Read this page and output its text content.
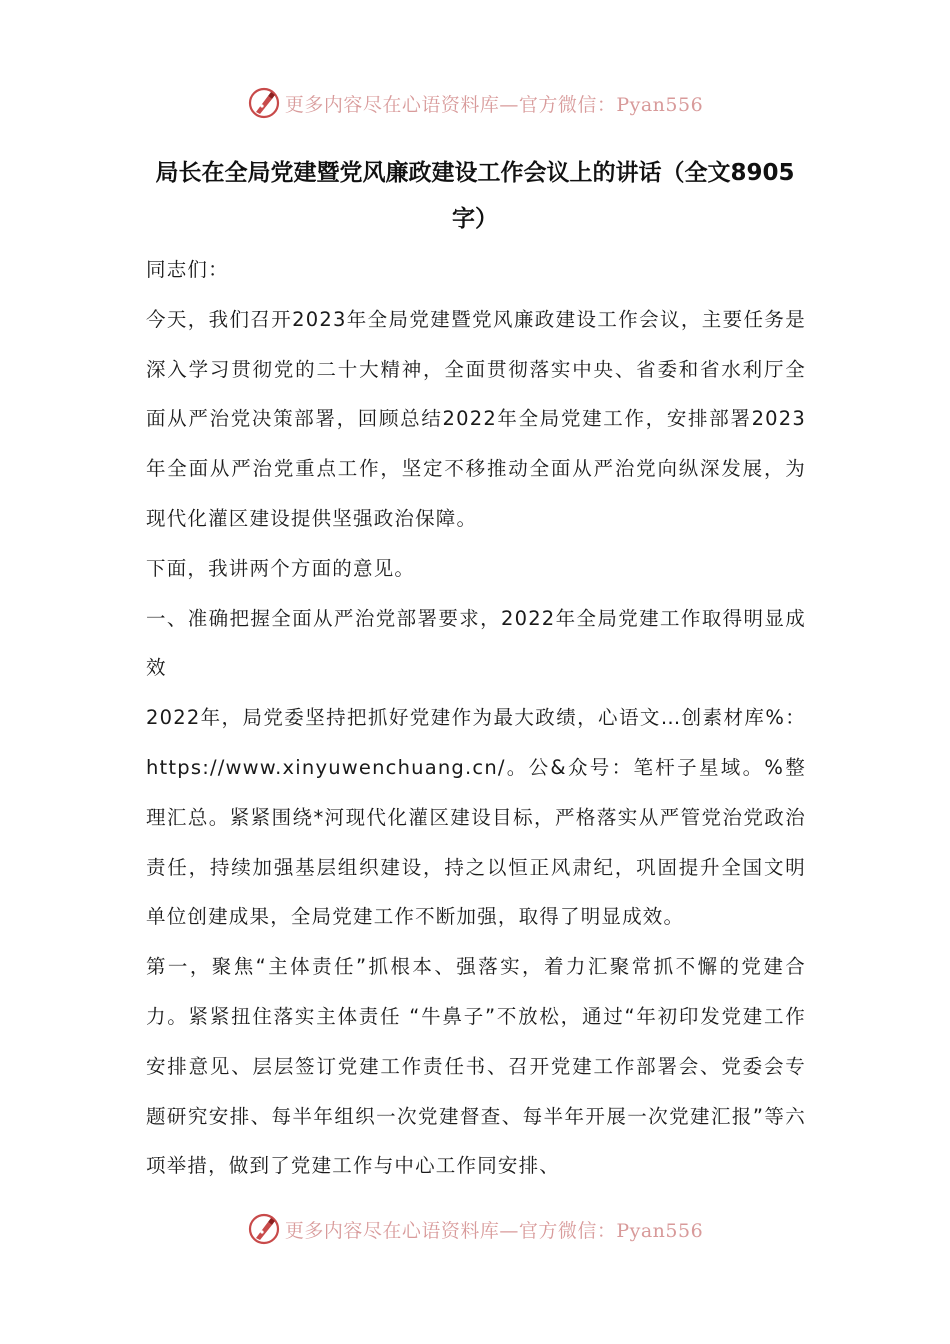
更多内容尽在心语资料库—官方微信：Pyan556
局长在全局党建暨党风廉政建设工作会议上的讲话（全文8905字）

同志们：

今天，我们召开2023年全局党建暨党风廉政建设工作会议，主要任务是深入学习贯彻党的二十大精神，全面贯彻落实中央、省委和省水利厅全面从严治党决策部署，回顾总结2022年全局党建工作，安排部署2023年全面从严治党重点工作，坚定不移推动全面从严治党向纵深发展，为现代化灌区建设提供坚强政治保障。

下面，我讲两个方面的意见。

一、准确把握全面从严治党部署要求，2022年全局党建工作取得明显成效

2022年，局党委坚持把抓好党建作为最大政绩，心语文…创素材库%：https://www.xinyuwenchuang.cn/。公&众号：笔杆子星域。%整理汇总。紧紧围绕*河现代化灌区建设目标，严格落实从严管党治党政治责任，持续加强基层组织建设，持之以恒正风肃纪，巩固提升全国文明单位创建成果，全局党建工作不断加强，取得了明显成效。

第一，聚焦“主体责任”抓根本、强落实，着力汇聚常抓不懈的党建合力。紧紧扭住落实主体责任 “牛鼻子”不放松，通过“年初印发党建工作安排意见、层层签订党建工作责任书、召开党建工作部署会、党委会专题研究安排、每半年组织一次党建督查、每半年开展一次党建汇报”等六项举措，做到了党建工作与中心工作同安排、

更多内容尽在心语资料库—官方微信：Pyan556
